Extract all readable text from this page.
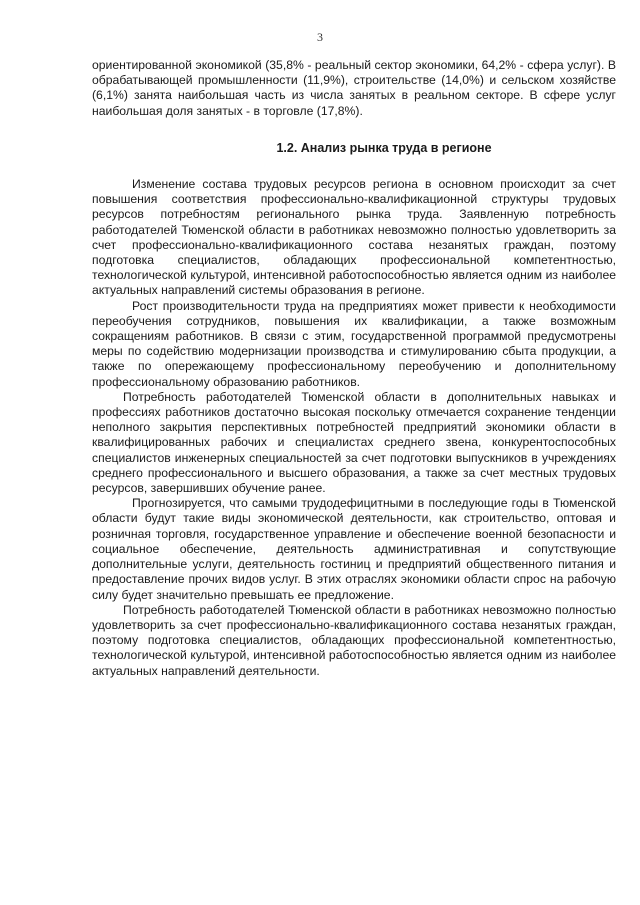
3

ориентированной экономикой (35,8% - реальный сектор экономики, 64,2% - сфера услуг). В обрабатывающей промышленности (11,9%), строительстве (14,0%) и сельском хозяйстве (6,1%) занята наибольшая часть из числа занятых в реальном секторе. В сфере услуг наибольшая доля занятых - в торговле (17,8%).

1.2. Анализ рынка труда в регионе

Изменение состава трудовых ресурсов региона в основном происходит за счет повышения соответствия профессионально-квалификационной структуры трудовых ресурсов потребностям регионального рынка труда. Заявленную потребность работодателей Тюменской области в работниках невозможно полностью удовлетворить за счет профессионально-квалификационного состава незанятых граждан, поэтому подготовка специалистов, обладающих профессиональной компетентностью, технологической культурой, интенсивной работоспособностью является одним из наиболее актуальных направлений системы образования в регионе.

Рост производительности труда на предприятиях может привести к необходимости переобучения сотрудников, повышения их квалификации, а также возможным сокращениям работников. В связи с этим, государственной программой предусмотрены меры по содействию модернизации производства и стимулированию сбыта продукции, а также по опережающему профессиональному переобучению и дополнительному профессиональному образованию работников.

Потребность работодателей Тюменской области в дополнительных навыках и профессиях работников достаточно высокая поскольку отмечается сохранение тенденции неполного закрытия перспективных потребностей предприятий экономики области в квалифицированных рабочих и специалистах среднего звена, конкурентоспособных специалистов инженерных специальностей за счет подготовки выпускников в учреждениях среднего профессионального и высшего образования, а также за счет местных трудовых ресурсов, завершивших обучение ранее.

Прогнозируется, что самыми трудодефицитными в последующие годы в Тюменской области будут такие виды экономической деятельности, как строительство, оптовая и розничная торговля, государственное управление и обеспечение военной безопасности и социальное обеспечение, деятельность административная и сопутствующие дополнительные услуги, деятельность гостиниц и предприятий общественного питания и предоставление прочих видов услуг. В этих отраслях экономики области спрос на рабочую силу будет значительно превышать ее предложение.

Потребность работодателей Тюменской области в работниках невозможно полностью удовлетворить за счет профессионально-квалификационного состава незанятых граждан, поэтому подготовка специалистов, обладающих профессиональной компетентностью, технологической культурой, интенсивной работоспособностью является одним из наиболее актуальных направлений деятельности.
